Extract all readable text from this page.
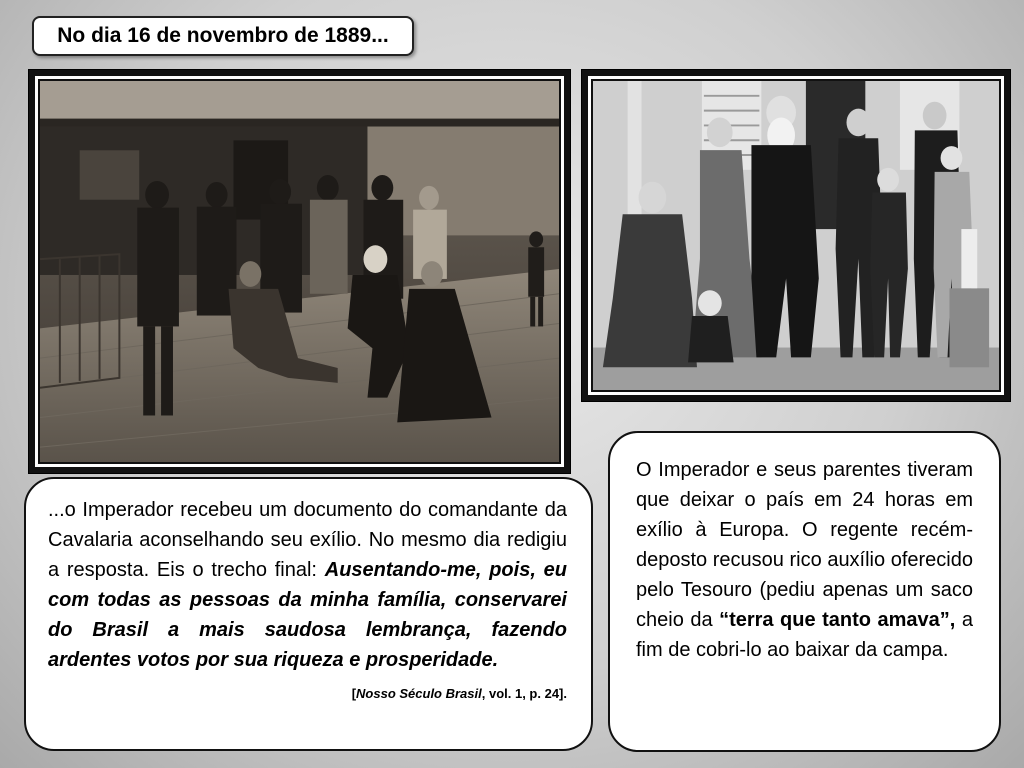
No dia 16 de novembro de 1889...

...o Imperador recebeu um documento do comandante da Cavalaria aconselhando seu exílio. No mesmo dia redigiu a resposta. Eis o trecho final: Ausentando-me, pois, eu com todas as pessoas da minha família, conservarei do Brasil a mais saudosa lembrança, fazendo ardentes votos por sua riqueza e prosperidade.

[Nosso Século Brasil, vol. 1, p. 24].

O Imperador e seus parentes tiveram que deixar o país em 24 horas em exílio à Europa. O regente recém-deposto recusou rico auxílio oferecido pelo Tesouro (pediu apenas um saco cheio da “terra que tanto amava”, a fim de cobri-lo ao baixar da campa.
